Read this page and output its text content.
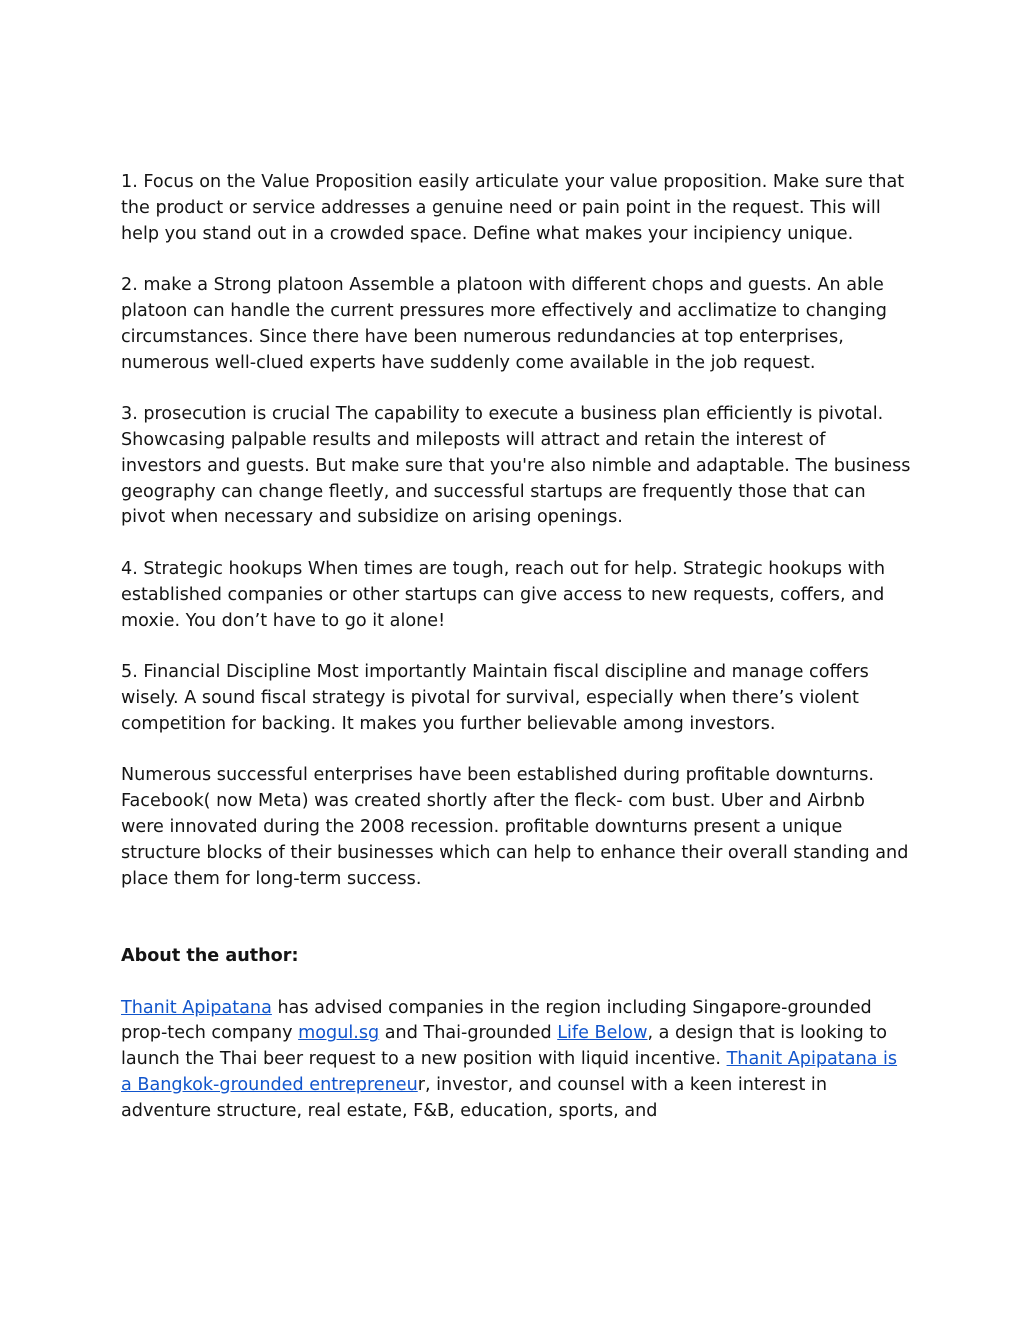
1. Focus on the Value Proposition easily articulate your value proposition. Make sure that the product or service addresses a genuine need or pain point in the request. This will help you stand out in a crowded space. Define what makes your incipiency unique.

2. make a Strong platoon Assemble a platoon with different chops and guests. An able platoon can handle the current pressures more effectively and acclimatize to changing circumstances. Since there have been numerous redundancies at top enterprises, numerous well-clued experts have suddenly come available in the job request.

3. prosecution is crucial The capability to execute a business plan efficiently is pivotal. Showcasing palpable results and mileposts will attract and retain the interest of investors and guests. But make sure that you're also nimble and adaptable. The business geography can change fleetly, and successful startups are frequently those that can pivot when necessary and subsidize on arising openings.

4. Strategic hookups When times are tough, reach out for help. Strategic hookups with established companies or other startups can give access to new requests, coffers, and moxie. You don’t have to go it alone!

5. Financial Discipline Most importantly Maintain fiscal discipline and manage coffers wisely. A sound fiscal strategy is pivotal for survival, especially when there’s violent competition for backing. It makes you further believable among investors.

Numerous successful enterprises have been established during profitable downturns. Facebook( now Meta) was created shortly after the fleck- com bust. Uber and Airbnb were innovated during the 2008 recession. profitable downturns present a unique structure blocks of their businesses which can help to enhance their overall standing and place them for long-term success.

About the author:

Thanit Apipatana has advised companies in the region including Singapore-grounded prop-tech company mogul.sg and Thai-grounded Life Below, a design that is looking to launch the Thai beer request to a new position with liquid incentive. Thanit Apipatana is a Bangkok-grounded entrepreneur, investor, and counsel with a keen interest in adventure structure, real estate, F&B, education, sports, and
